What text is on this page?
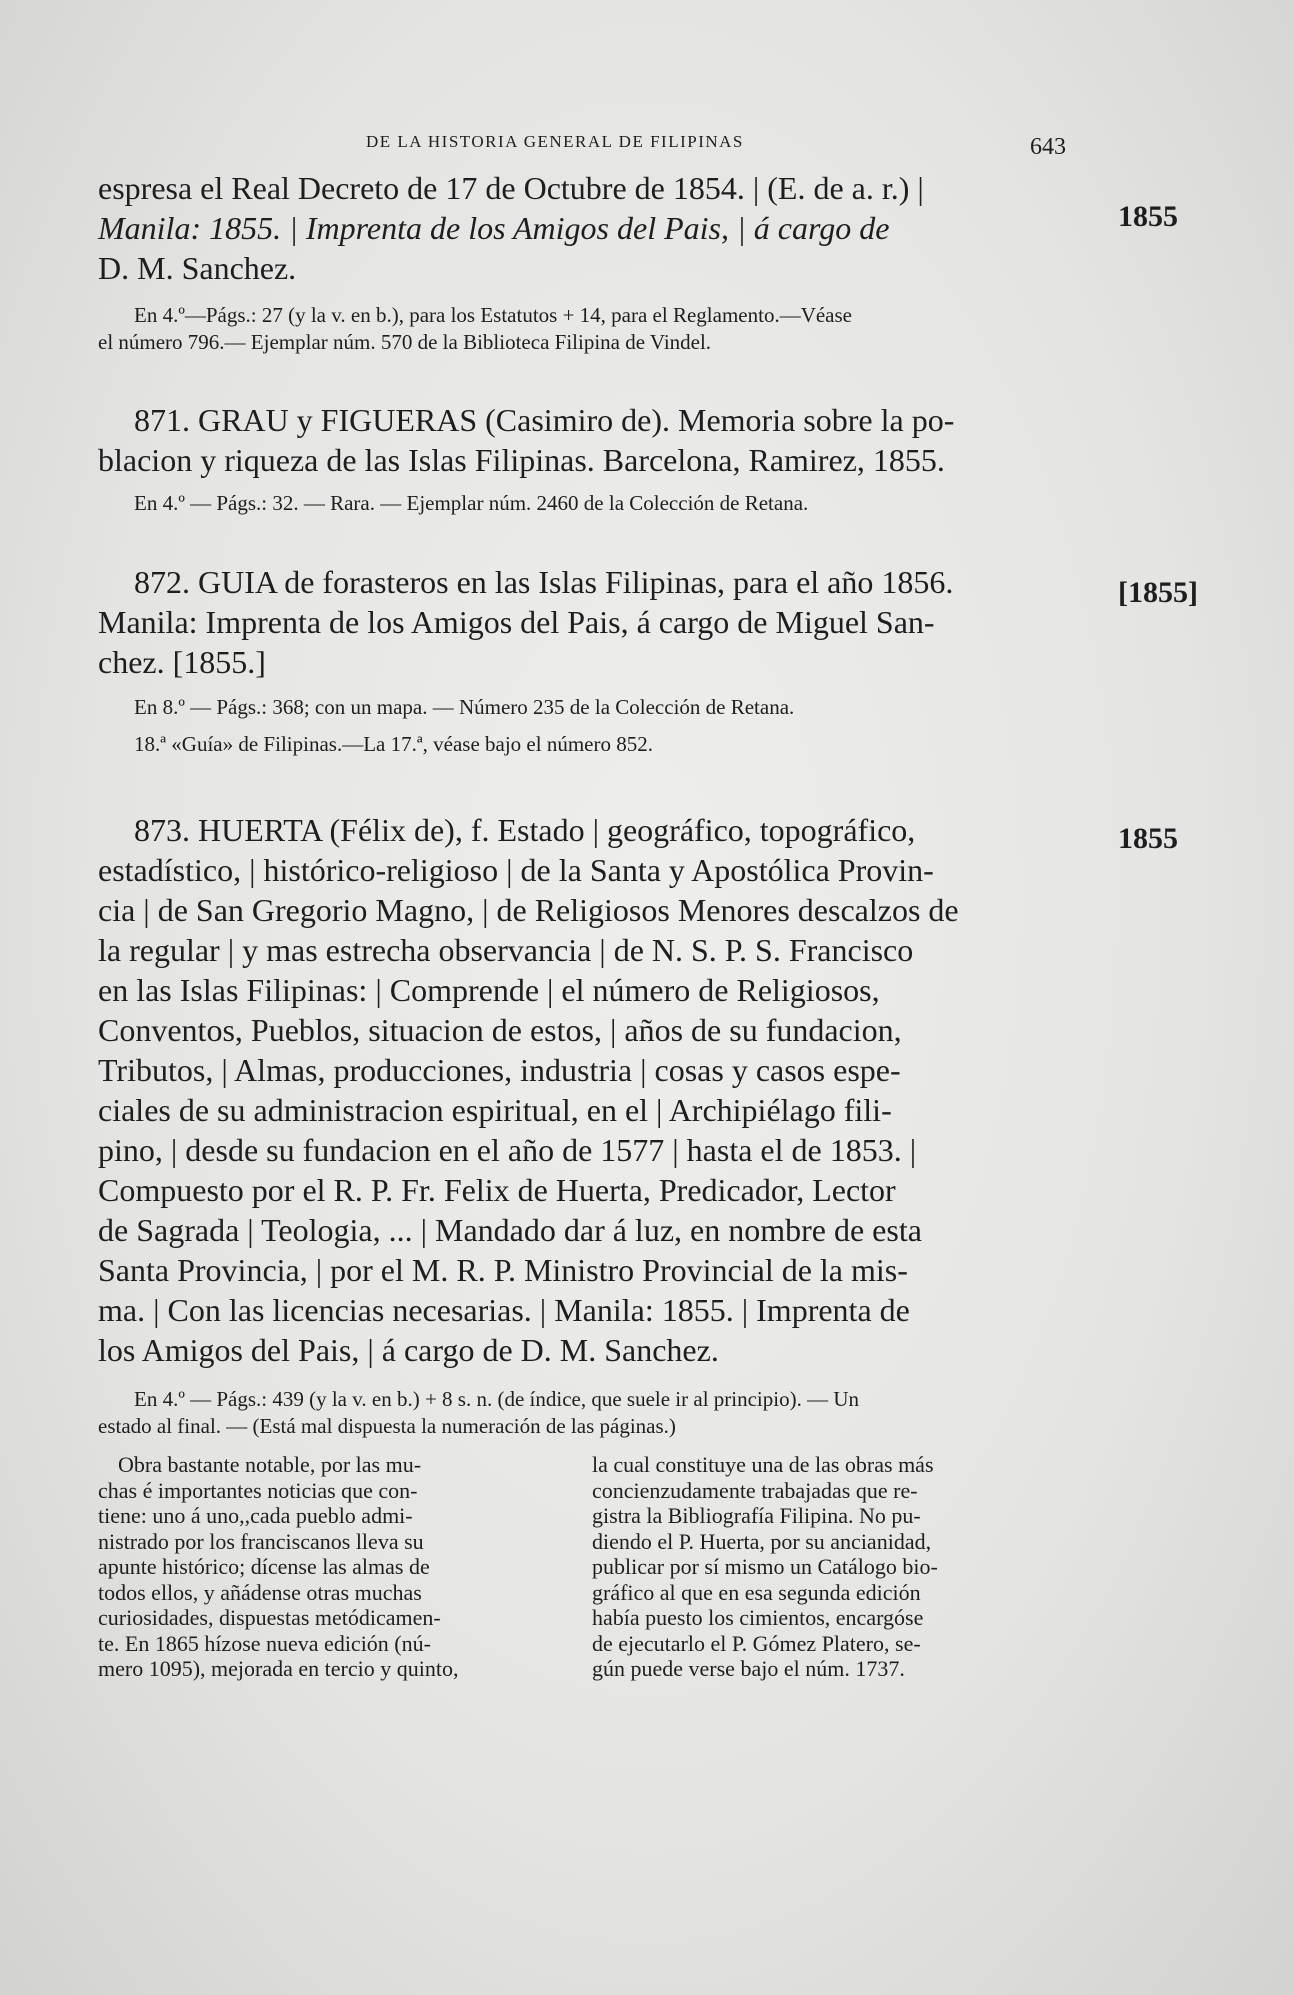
DE LA HISTORIA GENERAL DE FILIPINAS	643
espresa el Real Decreto de 17 de Octubre de 1854. | (E. de a. r.) |
Manila: 1855. | Imprenta de los Amigos del Pais, | á cargo de
D. M. Sanchez.
En 4.º—Págs.: 27 (y la v. en b.), para los Estatutos + 14, para el Reglamento.—Véase
el número 796.— Ejemplar núm. 570 de la Biblioteca Filipina de Vindel.
871. GRAU y FIGUERAS (Casimiro de). Memoria sobre la po-
blacion y riqueza de las Islas Filipinas. Barcelona, Ramirez, 1855.
En 4.º — Págs.: 32. — Rara. — Ejemplar núm. 2460 de la Colección de Retana.
872. GUIA de forasteros en las Islas Filipinas, para el año 1856.
Manila: Imprenta de los Amigos del Pais, á cargo de Miguel San-
chez. [1855.]
En 8.º — Págs.: 368; con un mapa. — Número 235 de la Colección de Retana.
18.ª «Guía» de Filipinas.—La 17.ª, véase bajo el número 852.
873. HUERTA (Félix de), f. Estado | geográfico, topográfico,
estadístico, | histórico-religioso | de la Santa y Apostólica Provin-
cia | de San Gregorio Magno, | de Religiosos Menores descalzos de
la regular | y mas estrecha observancia | de N. S. P. S. Francisco
en las Islas Filipinas: | Comprende | el número de Religiosos,
Conventos, Pueblos, situacion de estos, | años de su fundacion,
Tributos, | Almas, producciones, industria | cosas y casos espe-
ciales de su administracion espiritual, en el | Archipiélago fili-
pino, | desde su fundacion en el año de 1577 | hasta el de 1853. |
Compuesto por el R. P. Fr. Felix de Huerta, Predicador, Lector
de Sagrada | Teologia, ... | Mandado dar á luz, en nombre de esta
Santa Provincia, | por el M. R. P. Ministro Provincial de la mis-
ma. | Con las licencias necesarias. | Manila: 1855. | Imprenta de
los Amigos del Pais, | á cargo de D. M. Sanchez.
En 4.º — Págs.: 439 (y la v. en b.) + 8 s. n. (de índice, que suele ir al principio). — Un
estado al final. — (Está mal dispuesta la numeración de las páginas.)
1855
[1855]
1855
Obra bastante notable, por las mu-
chas é importantes noticias que con-
tiene: uno á uno,,cada pueblo admi-
nistrado por los franciscanos lleva su
apunte histórico; dícense las almas de
todos ellos, y añádense otras muchas
curiosidades, dispuestas metódicamen-
te. En 1865 hízose nueva edición (nú-
mero 1095), mejorada en tercio y quinto,
la cual constituye una de las obras más
concienzudamente trabajadas que re-
gistra la Bibliografía Filipina. No pu-
diendo el P. Huerta, por su ancianidad,
publicar por sí mismo un Catálogo bio-
gráfico al que en esa segunda edición
había puesto los cimientos, encargóse
de ejecutarlo el P. Gómez Platero, se-
gún puede verse bajo el núm. 1737.
